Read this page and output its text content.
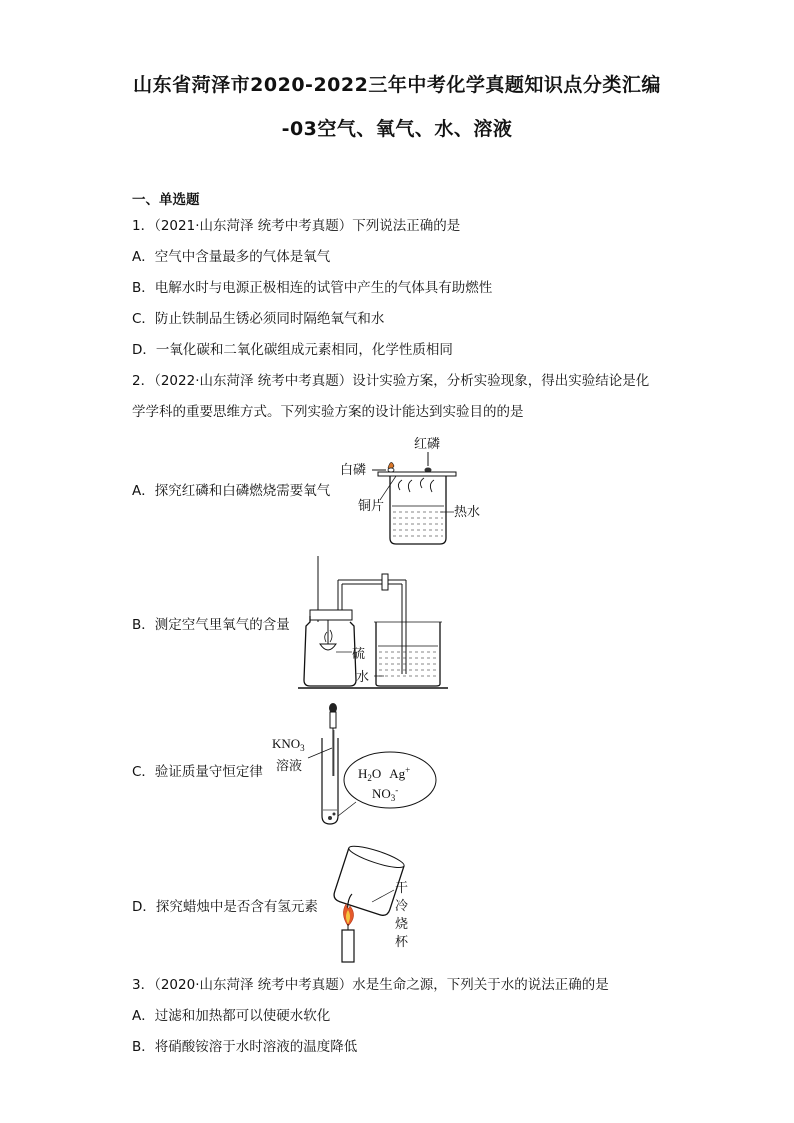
山东省菏泽市2020-2022三年中考化学真题知识点分类汇编
-03空气、氧气、水、溶液
一、单选题
1．（2021·山东菏泽 统考中考真题）下列说法正确的是
A．空气中含量最多的气体是氧气
B．电解水时与电源正极相连的试管中产生的气体具有助燃性
C．防止铁制品生锈必须同时隔绝氧气和水
D．一氧化碳和二氧化碳组成元素相同，化学性质相同
2．（2022·山东菏泽 统考中考真题）设计实验方案，分析实验现象，得出实验结论是化
学学科的重要思维方式。下列实验方案的设计能达到实验目的的是
A．探究红磷和白磷燃烧需要氧气
红磷
白磷
铜片	热水
B．测定空气里氧气的含量
硫
水
C．验证质量守恒定律
$KNO_3$
溶液	$H_2O$ Ag+
$NO_3^-$
D．探究蜡烛中是否含有氢元素
干
冷
烧
杯
3．（2020·山东菏泽 统考中考真题）水是生命之源，下列关于水的说法正确的是
A．过滤和加热都可以使硬水软化
B．将硝酸铵溶于水时溶液的温度降低
